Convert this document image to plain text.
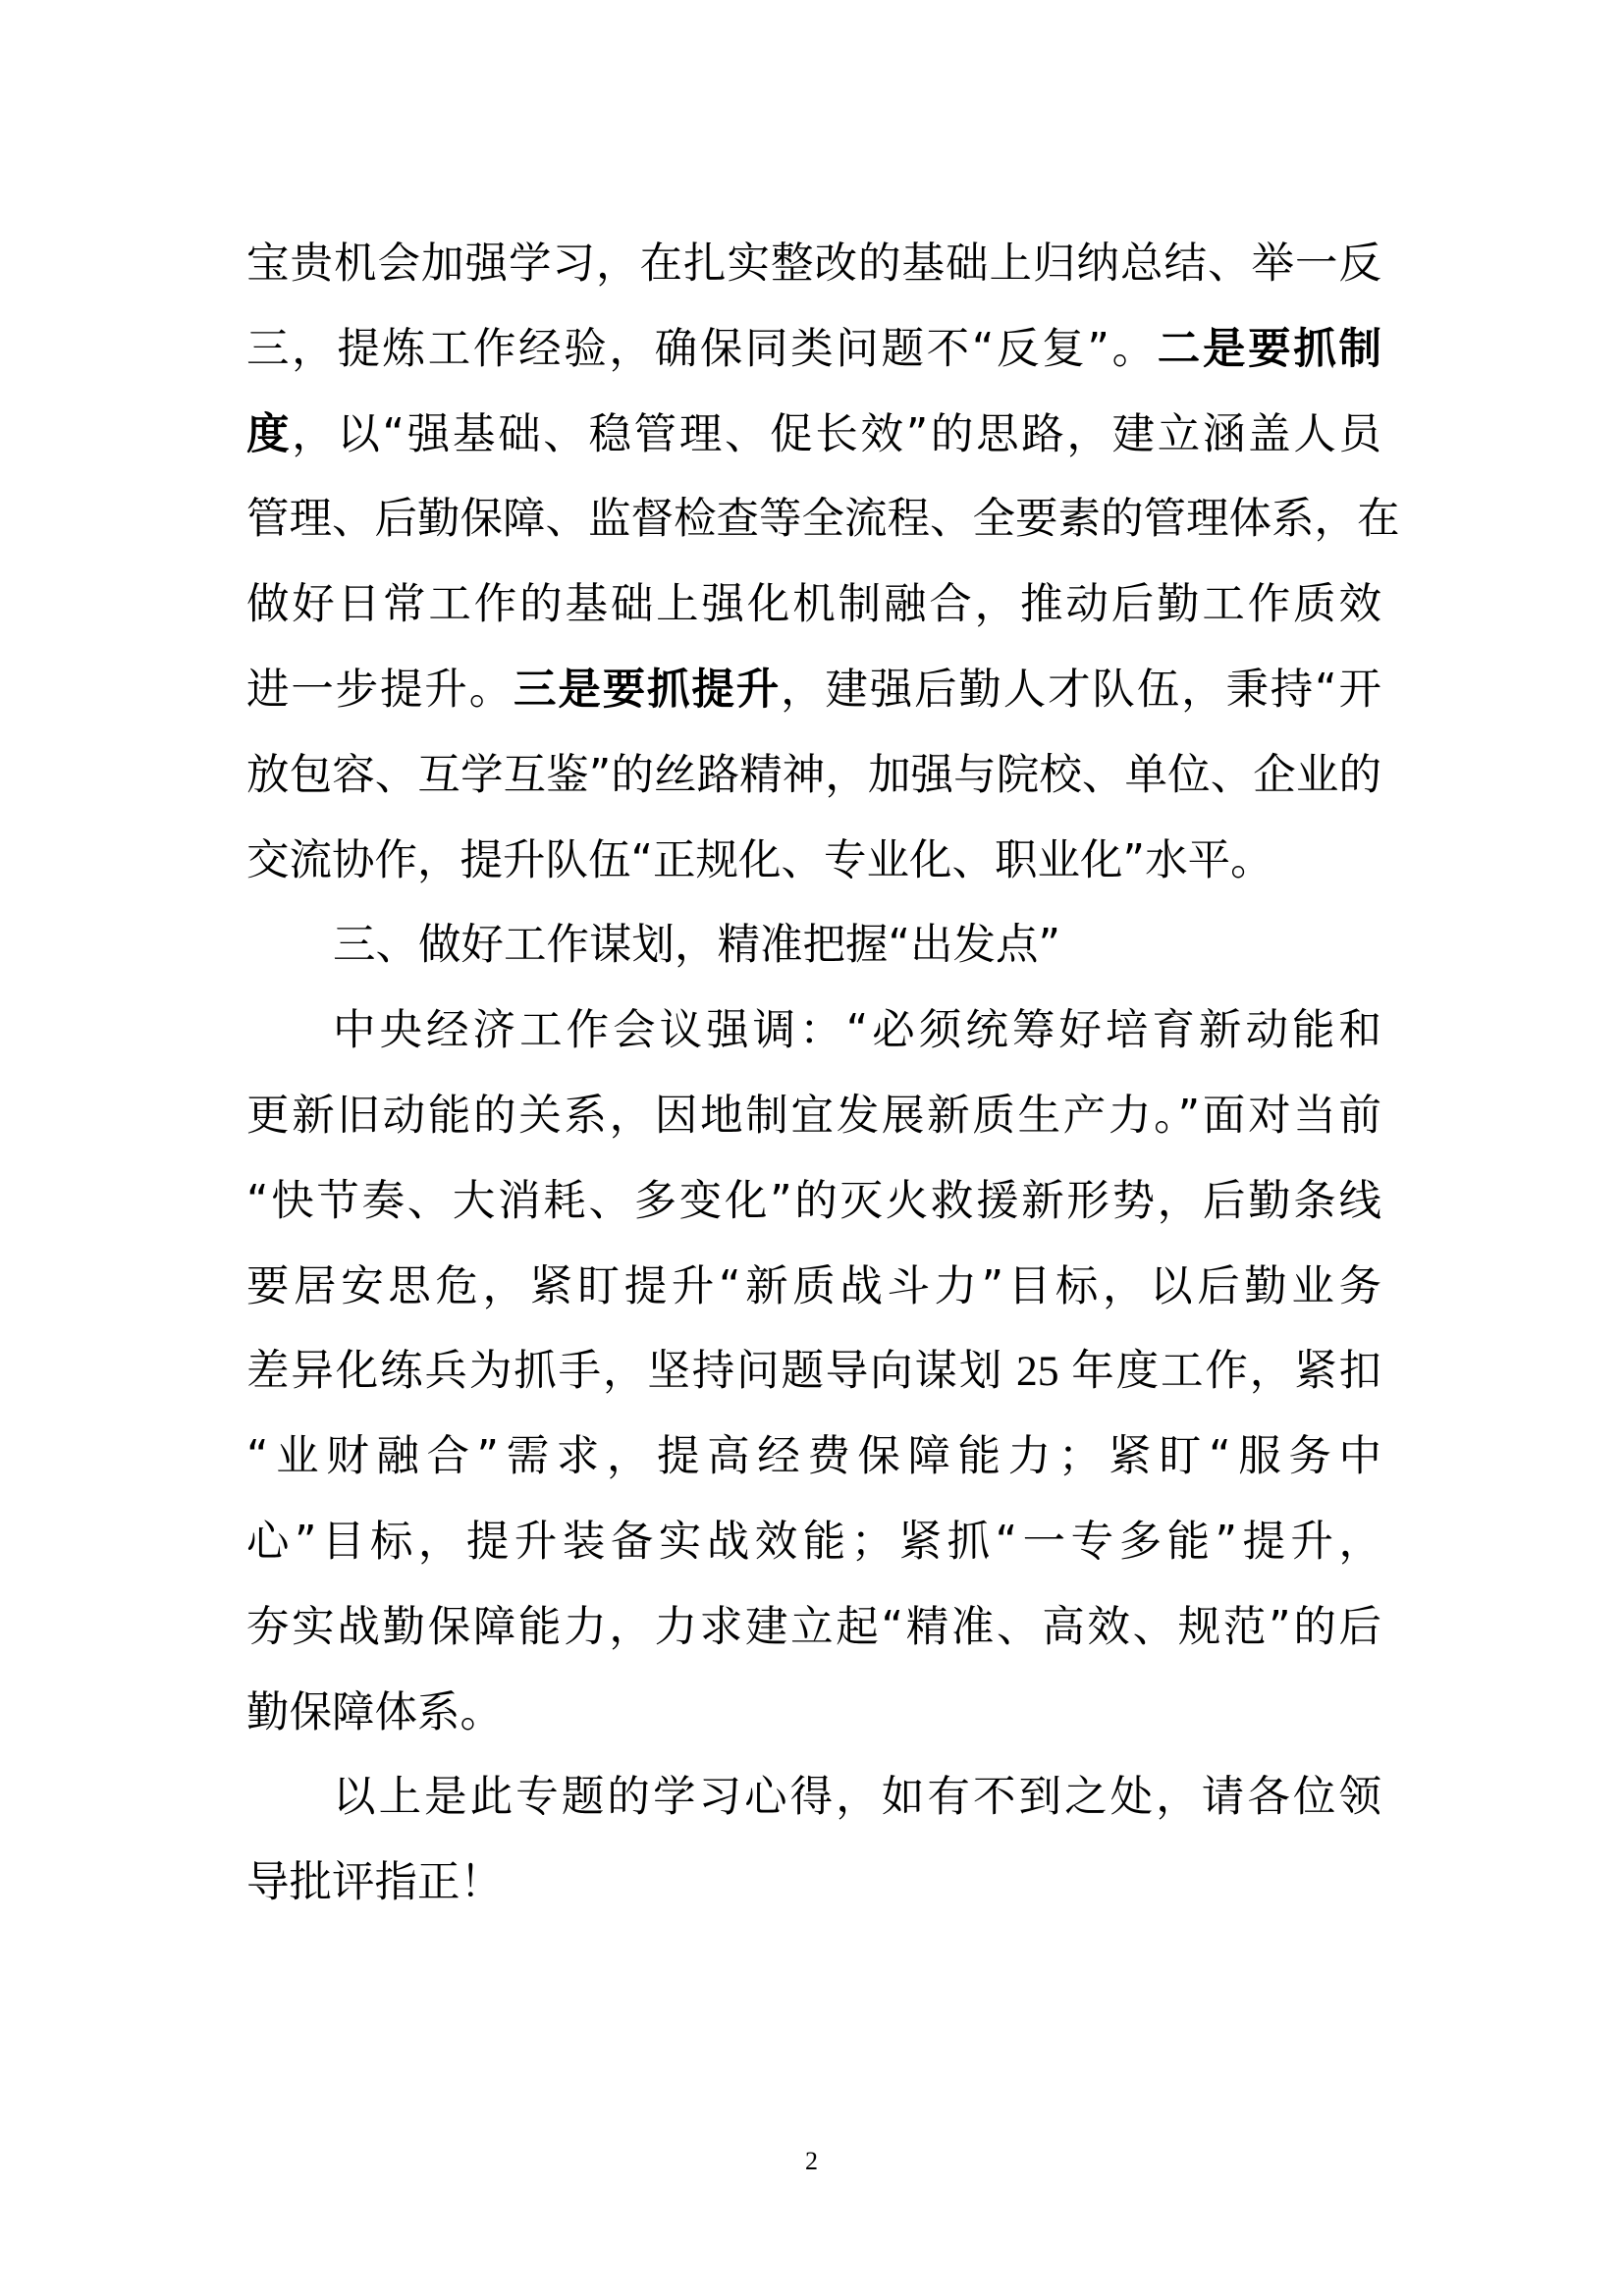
宝贵机会加强学习，在扎实整改的基础上归纳总结、举一反
三，提炼工作经验，确保同类问题不“反复”。二是要抓制
度，以“强基础、稳管理、促长效”的思路，建立涵盖人员
管理、后勤保障、监督检查等全流程、全要素的管理体系，在
做好日常工作的基础上强化机制融合，推动后勤工作质效
进一步提升。三是要抓提升，建强后勤人才队伍，秉持“开
放包容、互学互鉴”的丝路精神，加强与院校、单位、企业的
交流协作，提升队伍“正规化、专业化、职业化”水平。
三、做好工作谋划，精准把握“出发点”
中央经济工作会议强调：“必须统筹好培育新动能和
更新旧动能的关系，因地制宜发展新质生产力。”面对当前
“快节奏、大消耗、多变化”的灭火救援新形势，后勤条线
要居安思危，紧盯提升“新质战斗力”目标，以后勤业务
差异化练兵为抓手，坚持问题导向谋划 25 年度工作，紧扣
“业财融合”需求，提高经费保障能力；紧盯“服务中
心”目标，提升装备实战效能；紧抓“一专多能”提升，
夯实战勤保障能力，力求建立起“精准、高效、规范”的后
勤保障体系。
以上是此专题的学习心得，如有不到之处，请各位领
导批评指正！
2
